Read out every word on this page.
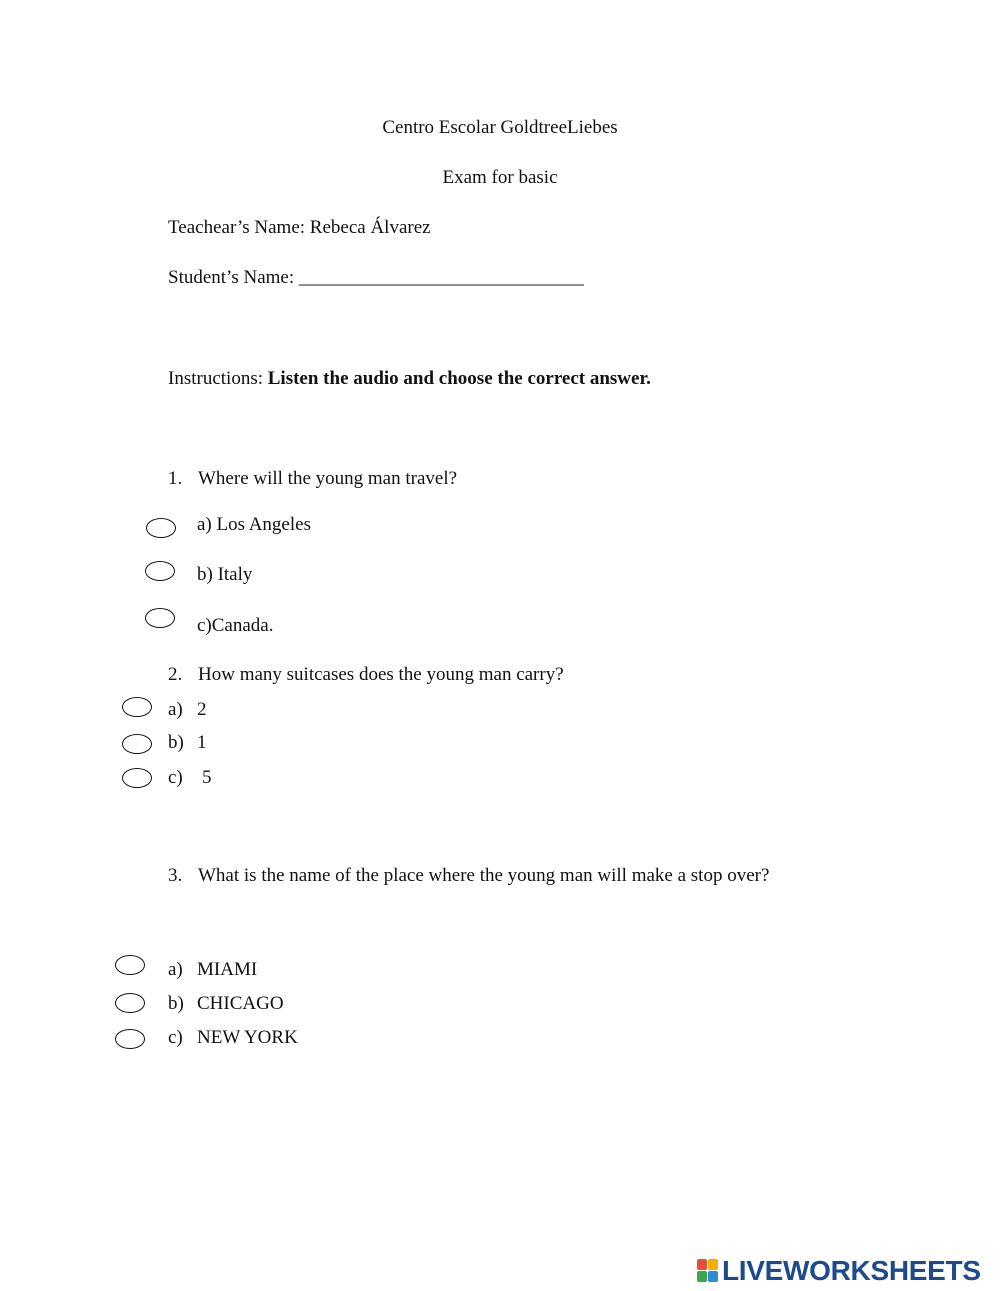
Centro Escolar GoldtreeLiebes
Exam for basic
Teachear’s Name: Rebeca Álvarez
Student’s Name: ______________________________
Instructions: Listen the audio and choose the correct answer.
1. Where will the young man travel?
a) Los Angeles
b) Italy
c)Canada.
2. How many suitcases does the young man carry?
a) 2
b) 1
c) 5
3. What is the name of the place where the young man will make a stop over?
a) MIAMI
b) CHICAGO
c) NEW YORK
LIVEWORKSHEETS
